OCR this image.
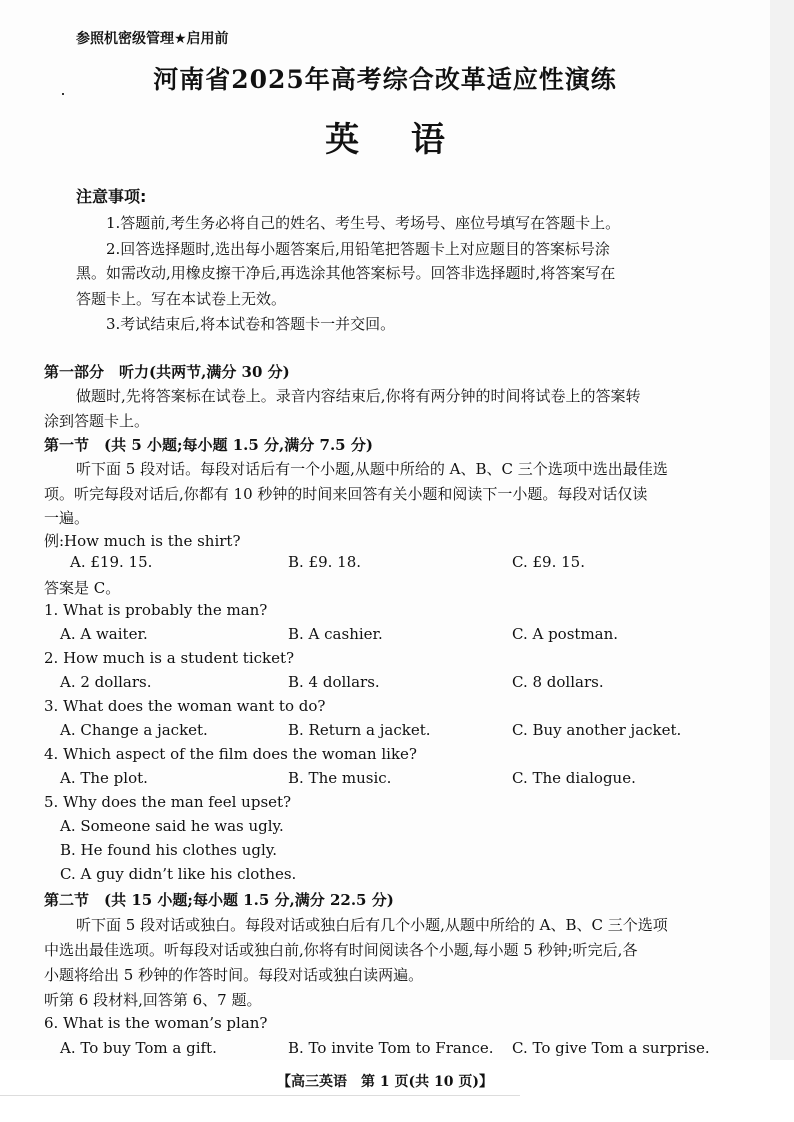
参照机密级管理★启用前
河南省2025年高考综合改革适应性演练
英 语
注意事项:
1.答题前,考生务必将自己的姓名、考生号、考场号、座位号填写在答题卡上。
2.回答选择题时,选出每小题答案后,用铅笔把答题卡上对应题目的答案标号涂
黑。如需改动,用橡皮擦干净后,再选涂其他答案标号。回答非选择题时,将答案写在
答题卡上。写在本试卷上无效。
3.考试结束后,将本试卷和答题卡一并交回。
第一部分　听力(共两节,满分 30 分)
做题时,先将答案标在试卷上。录音内容结束后,你将有两分钟的时间将试卷上的答案转
涂到答题卡上。
第一节　(共 5 小题;每小题 1.5 分,满分 7.5 分)
听下面 5 段对话。每段对话后有一个小题,从题中所给的 A、B、C 三个选项中选出最佳选
项。听完每段对话后,你都有 10 秒钟的时间来回答有关小题和阅读下一小题。每段对话仅读
一遍。
例:How much is the shirt?
A. £19. 15.	B. £9. 18.	C. £9. 15.
答案是 C。
1. What is probably the man?
A. A waiter.	B. A cashier.	C. A postman.
2. How much is a student ticket?
A. 2 dollars.	B. 4 dollars.	C. 8 dollars.
3. What does the woman want to do?
A. Change a jacket.	B. Return a jacket.	C. Buy another jacket.
4. Which aspect of the film does the woman like?
A. The plot.	B. The music.	C. The dialogue.
5. Why does the man feel upset?
A. Someone said he was ugly.
B. He found his clothes ugly.
C. A guy didn’t like his clothes.
第二节　(共 15 小题;每小题 1.5 分,满分 22.5 分)
听下面 5 段对话或独白。每段对话或独白后有几个小题,从题中所给的 A、B、C 三个选项
中选出最佳选项。听每段对话或独白前,你将有时间阅读各个小题,每小题 5 秒钟;听完后,各
小题将给出 5 秒钟的作答时间。每段对话或独白读两遍。
听第 6 段材料,回答第 6、7 题。
6. What is the woman’s plan?
A. To buy Tom a gift.	B. To invite Tom to France. C. To give Tom a surprise.
【高三英语　第 1 页(共 10 页)】
